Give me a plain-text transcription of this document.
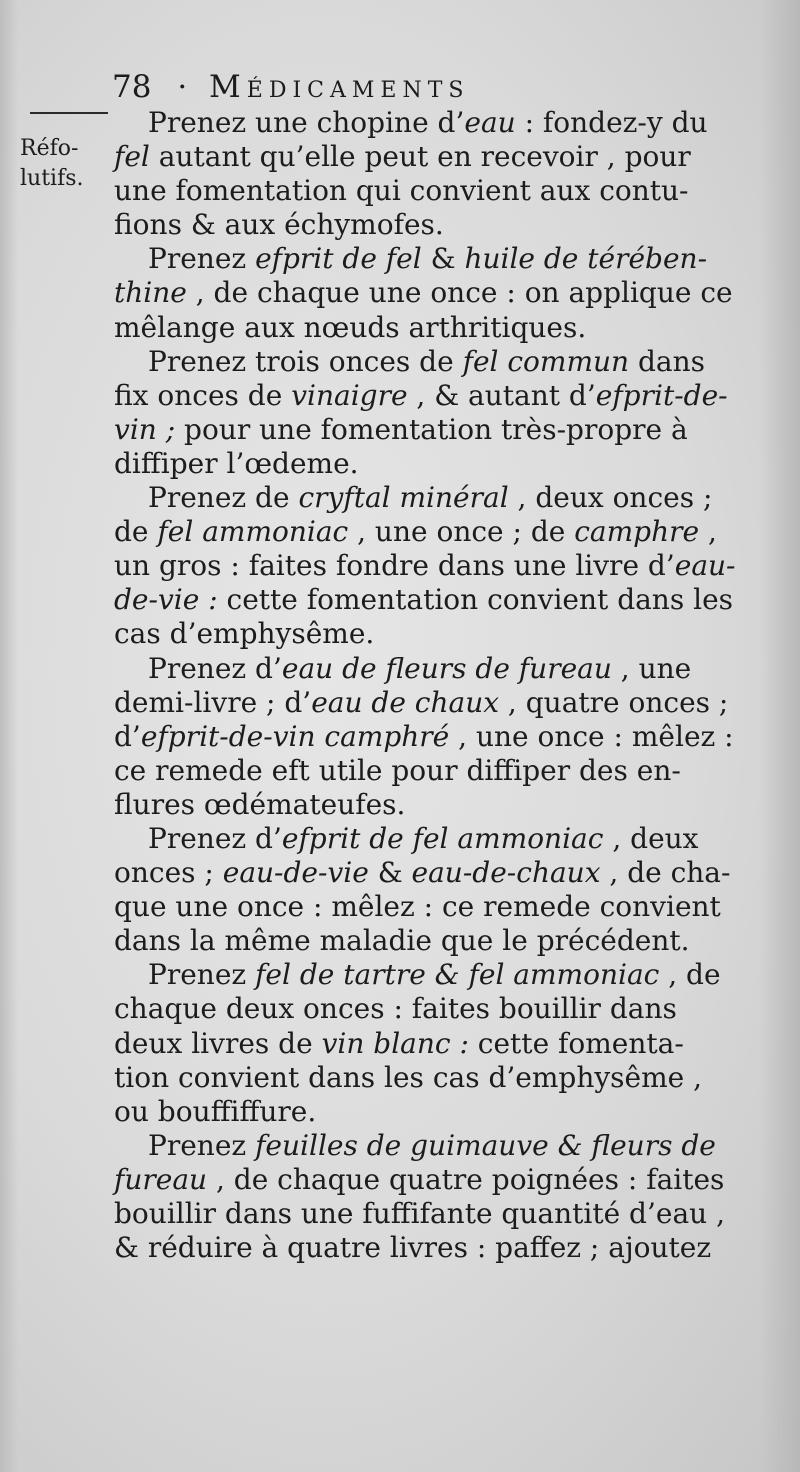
78 · Médicaments
Réfo-
lutifs.
Prenez une chopine d’eau : fondez-y du
fel autant qu’elle peut en recevoir , pour
une fomentation qui convient aux contu-
fions & aux échymofes.
Prenez efprit de fel & huile de térében-
thine , de chaque une once : on applique ce
mêlange aux nœuds arthritiques.
Prenez trois onces de fel commun dans
fix onces de vinaigre , & autant d’efprit-de-
vin ; pour une fomentation très-propre à
diffiper l’œdeme.
Prenez de cryftal minéral , deux onces ;
de fel ammoniac , une once ; de camphre ,
un gros : faites fondre dans une livre d’eau-
de-vie : cette fomentation convient dans les
cas d’emphysême.
Prenez d’eau de fleurs de fureau , une
demi-livre ; d’eau de chaux , quatre onces ;
d’efprit-de-vin camphré , une once : mêlez :
ce remede eft utile pour diffiper des en-
flures œdémateufes.
Prenez d’efprit de fel ammoniac , deux
onces ; eau-de-vie & eau-de-chaux , de cha-
que une once : mêlez : ce remede convient
dans la même maladie que le précédent.
Prenez fel de tartre & fel ammoniac , de
chaque deux onces : faites bouillir dans
deux livres de vin blanc : cette fomenta-
tion convient dans les cas d’emphysême ,
ou bouffiffure.
Prenez feuilles de guimauve & fleurs de
fureau , de chaque quatre poignées : faites
bouillir dans une fuffifante quantité d’eau ,
& réduire à quatre livres : paffez ; ajoutez
